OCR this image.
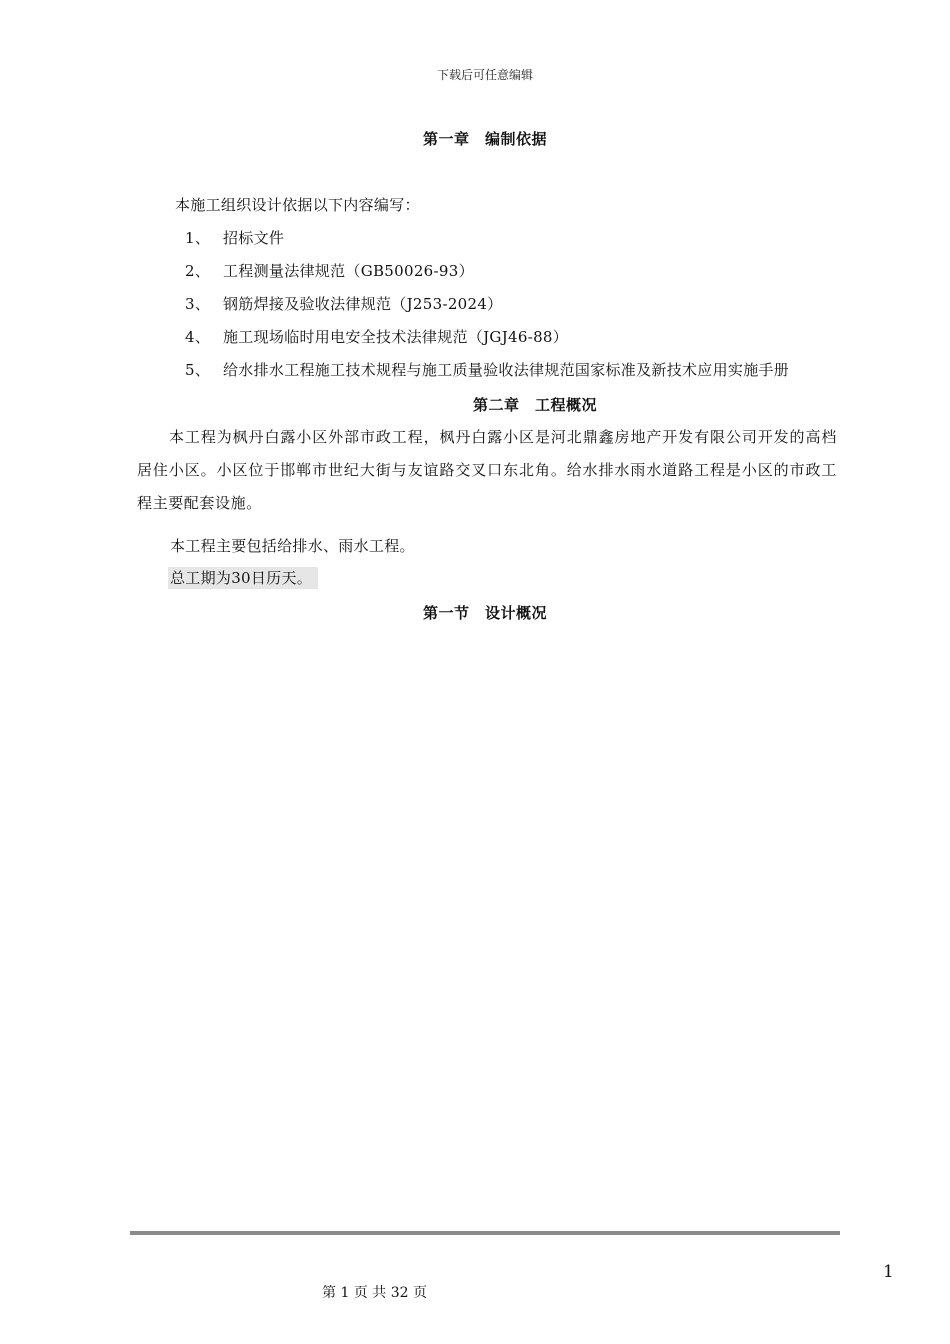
下载后可任意编辑
第一章　编制依据
本施工组织设计依据以下内容编写：
1、 招标文件
2、 工程测量法律规范（GB50026-93）
3、 钢筋焊接及验收法律规范（J253-2024）
4、 施工现场临时用电安全技术法律规范（JGJ46-88）
5、 给水排水工程施工技术规程与施工质量验收法律规范国家标准及新技术应用实施手册
第二章　工程概况
本工程为枫丹白露小区外部市政工程，枫丹白露小区是河北鼎鑫房地产开发有限公司开发的高档居住小区。小区位于邯郸市世纪大街与友谊路交叉口东北角。给水排水雨水道路工程是小区的市政工程主要配套设施。
本工程主要包括给排水、雨水工程。
总工期为30日历天。
第一节　设计概况
1
第 1 页 共 32 页
